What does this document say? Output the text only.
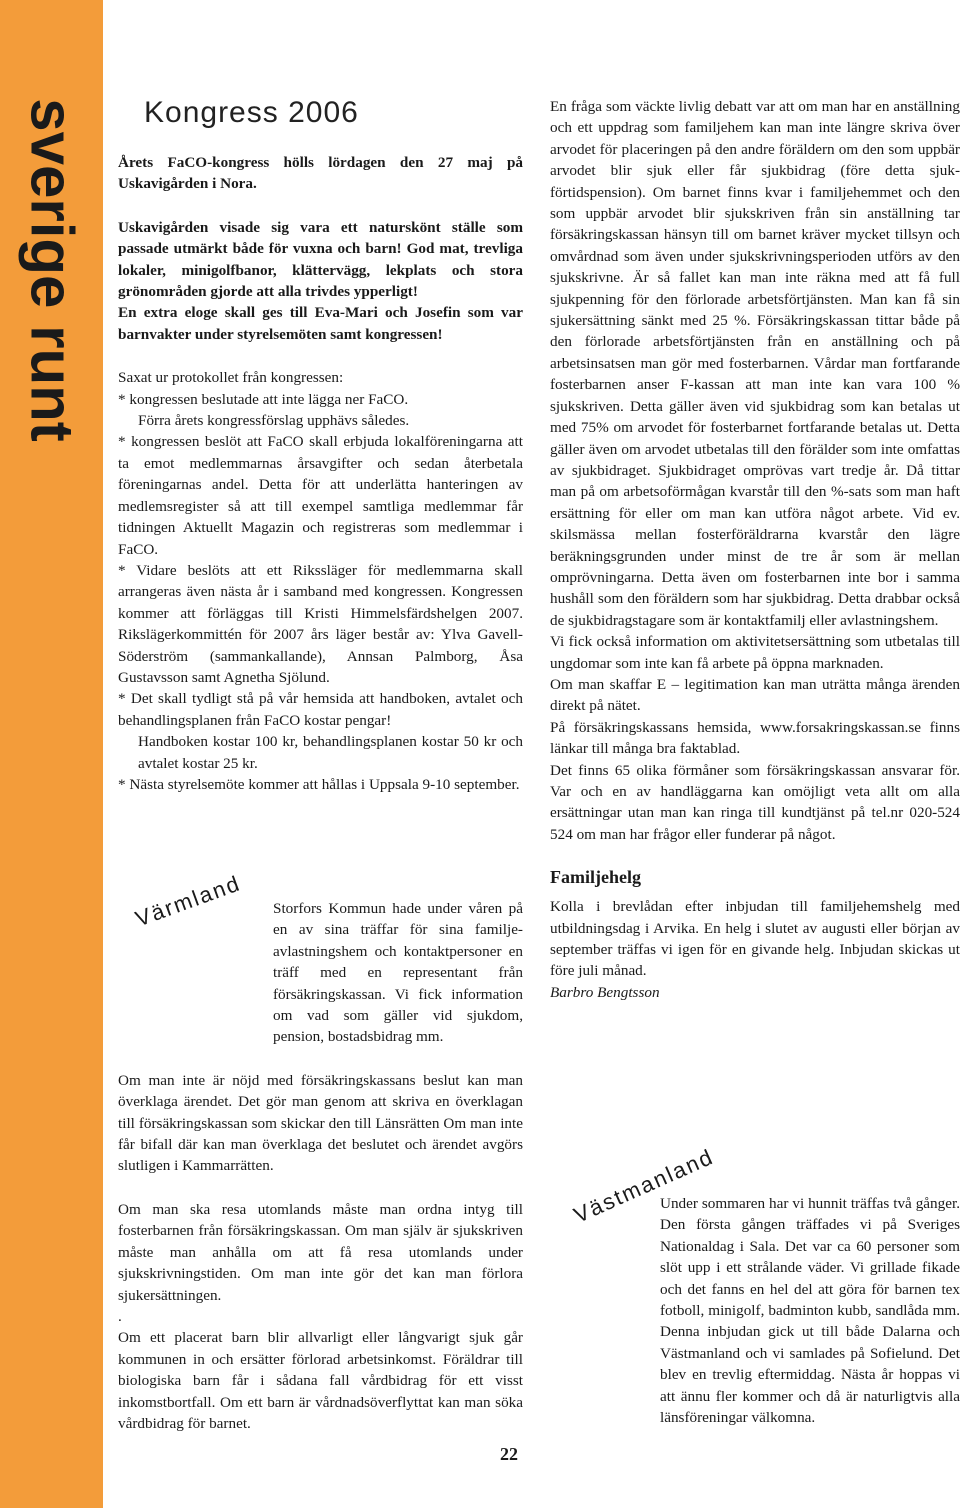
sverige runt Kongress 2006

Årets FaCO-kongress hölls lördagen den 27 maj på Uskavigården i Nora.

Uskavigården visade sig vara ett naturskönt ställe som passade utmärkt både för vuxna och barn! God mat, trevliga lokaler, minigolfbanor, klättervägg, lekplats och stora grönområden gjorde att alla trivdes ypperligt!

En extra eloge skall ges till Eva-Mari och Josefin som var barnvakter under styrelsemöten samt kongressen!

Saxat ur protokollet från kongressen:

* kongressen beslutade att inte lägga ner FaCO.

Förra årets kongressförslag upphävs således.

* kongressen beslöt att FaCO skall erbjuda lokalföreningarna att ta emot medlemmarnas årsavgifter och sedan återbetala föreningarnas andel. Detta för att underlätta hanteringen av medlemsregister så att till exempel samtliga medlemmar får tidningen Aktuellt Magazin och registreras som medlemmar i FaCO.

* Vidare beslöts att ett Rikssläger för medlemmarna skall arrangeras även nästa år i samband med kongressen. Kongressen kommer att förläggas till Kristi Himmelsfärdshelgen 2007. Rikslägerkommittén för 2007 års läger består av: Ylva Gavell-Söderström (sammankallande), Annsan Palmborg, Åsa Gustavsson samt Agnetha Sjölund.

* Det skall tydligt stå på vår hemsida att handboken, avtalet och behandlingsplanen från FaCO kostar pengar!

Handboken kostar 100 kr, behandlingsplanen kostar 50 kr och avtalet kostar 25 kr.

* Nästa styrelsemöte kommer att hållas i Uppsala 9-10 september.

Värmland	Storfors Kommun hade under våren på en av sina träffar för sina familje- avlastningshem och kontaktpersoner en träff med en representant från försäkringskassan. Vi fick information om vad som gäller vid sjukdom, pension, bostadsbidrag mm.

Om man inte är nöjd med försäkringskassans beslut kan man överklaga ärendet. Det gör man genom att skriva en överklagan till försäkringskassan som skickar den till Länsrätten Om man inte får bifall där kan man överklaga det beslutet och ärendet avgörs slutligen i Kammarrätten.

Om man ska resa utomlands måste man ordna intyg till fosterbarnen från försäkringskassan. Om man själv är sjukskriven måste man anhålla om att få resa utomlands under sjukskrivningstiden. Om man inte gör det kan man förlora sjukersättningen.

.

Om ett placerat barn blir allvarligt eller långvarigt sjuk går kommunen in och ersätter förlorad arbetsinkomst. Föräldrar till biologiska barn får i sådana fall vårdbidrag för ett visst inkomstbortfall. Om ett barn är vårdnadsöverflyttat kan man söka vårdbidrag för barnet.

En fråga som väckte livlig debatt var att om man har en anställning och ett uppdrag som familjehem kan man inte längre skriva över arvodet för placeringen på den andre föräldern om den som uppbär arvodet blir sjuk eller får sjukbidrag (före detta sjuk-förtidspension). Om barnet finns kvar i familjehemmet och den som uppbär arvodet blir sjukskriven från sin anställning tar försäkringskassan hänsyn till om barnet kräver mycket tillsyn och omvårdnad som även under sjukskrivningsperioden utförs av den sjukskrivne. Är så fallet kan man inte räkna med att få full sjukpenning för den förlorade arbetsförtjänsten. Man kan få sin sjukersättning sänkt med 25 %. Försäkringskassan tittar både på den förlorade arbetsförtjänsten från en anställning och på arbetsinsatsen man gör med fosterbarnen. Vårdar man fortfarande fosterbarnen anser F-kassan att man inte kan vara 100 % sjukskriven. Detta gäller även vid sjukbidrag som kan betalas ut med 75% om arvodet för fosterbarnet fortfarande betalas ut. Detta gäller även om arvodet utbetalas till den förälder som inte omfattas av sjukbidraget. Sjukbidraget omprövas vart tredje år. Då tittar man på om arbetsoförmågan kvarstår till den %-sats som man haft ersättning för eller om man kan utföra något arbete. Vid ev. skilsmässa mellan fosterföräldrarna kvarstår den lägre beräkningsgrunden under minst de tre år som är mellan omprövningarna. Detta även om fosterbarnen inte bor i samma hushåll som den föräldern som har sjukbidrag. Detta drabbar också de sjukbidragstagare som är kontaktfamilj eller avlastningshem.

Vi fick också information om aktivitetsersättning som utbetalas till ungdomar som inte kan få arbete på öppna marknaden.

Om man skaffar E – legitimation kan man uträtta många ärenden direkt på nätet.

På försäkringskassans hemsida, www.forsakringskassan.se finns länkar till många bra faktablad.

Det finns 65 olika förmåner som försäkringskassan ansvarar för. Var och en av handläggarna kan omöjligt veta allt om alla ersättningar utan man kan ringa till kundtjänst på tel.nr 020-524 524 om man har frågor eller funderar på något.

Familjehelg

Kolla i brevlådan efter inbjudan till familjehemshelg med utbildningsdag i Arvika. En helg i slutet av augusti eller början av september träffas vi igen för en givande helg. Inbjudan skickas ut före juli månad.

Barbro Bengtsson

Västmanland

Under sommaren har vi hunnit träffas två gånger. Den första gången träffades vi på Sveriges Nationaldag i Sala. Det var ca 60 personer som slöt upp i ett strålande väder. Vi grillade fikade och det fanns en hel del att göra för barnen tex fotboll, minigolf, badminton kubb, sandlåda mm. Denna inbjudan gick ut till både Dalarna och Västmanland och vi samlades på Sofielund. Det blev en trevlig eftermiddag. Nästa år hoppas vi att ännu fler kommer och då är naturligtvis alla länsföreningar välkomna.

22
